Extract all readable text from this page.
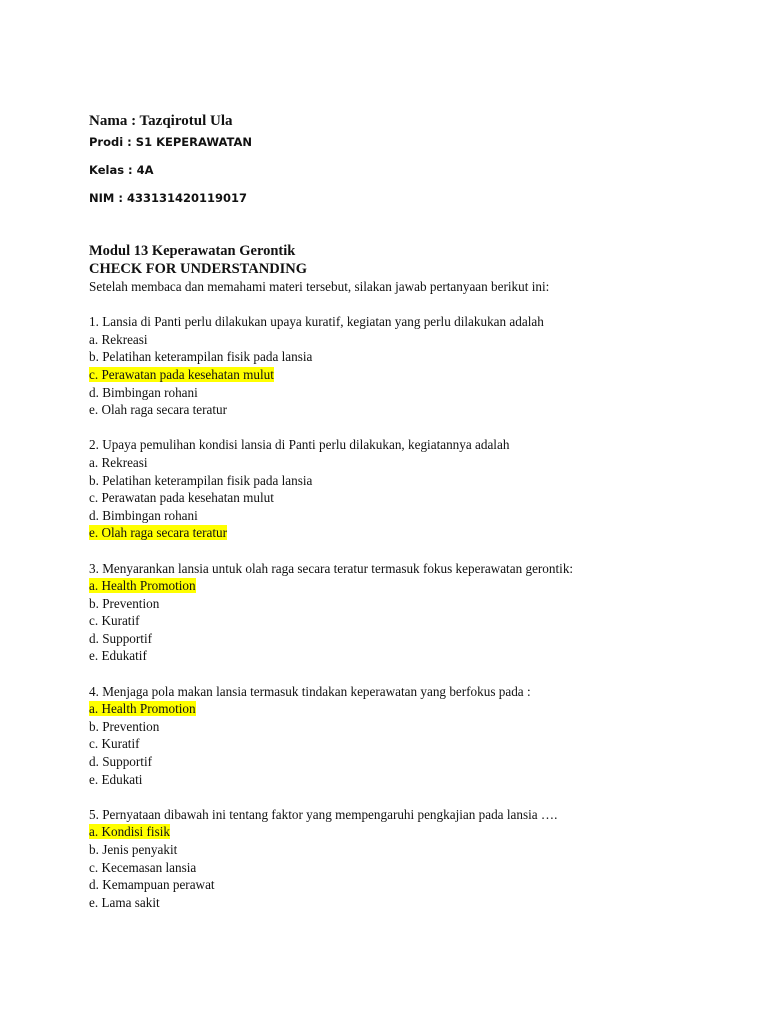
Nama : Tazqirotul Ula
Prodi : S1 KEPERAWATAN
Kelas : 4A
NIM : 433131420119017
Modul 13 Keperawatan Gerontik
CHECK FOR UNDERSTANDING
Setelah membaca dan memahami materi tersebut, silakan jawab pertanyaan berikut ini:
1. Lansia di Panti perlu dilakukan upaya kuratif, kegiatan yang perlu dilakukan adalah
a. Rekreasi
b. Pelatihan keterampilan fisik pada lansia
c. Perawatan pada kesehatan mulut
d. Bimbingan rohani
e. Olah raga secara teratur
2. Upaya pemulihan kondisi lansia di Panti perlu dilakukan, kegiatannya adalah
a. Rekreasi
b. Pelatihan keterampilan fisik pada lansia
c. Perawatan pada kesehatan mulut
d. Bimbingan rohani
e. Olah raga secara teratur
3. Menyarankan lansia untuk olah raga secara teratur termasuk fokus keperawatan gerontik:
a. Health Promotion
b. Prevention
c. Kuratif
d. Supportif
e. Edukatif
4. Menjaga pola makan lansia termasuk tindakan keperawatan yang berfokus pada :
a. Health Promotion
b. Prevention
c. Kuratif
d. Supportif
e. Edukati
5. Pernyataan dibawah ini tentang faktor yang mempengaruhi pengkajian pada lansia ….
a. Kondisi fisik
b. Jenis penyakit
c. Kecemasan lansia
d. Kemampuan perawat
e. Lama sakit
